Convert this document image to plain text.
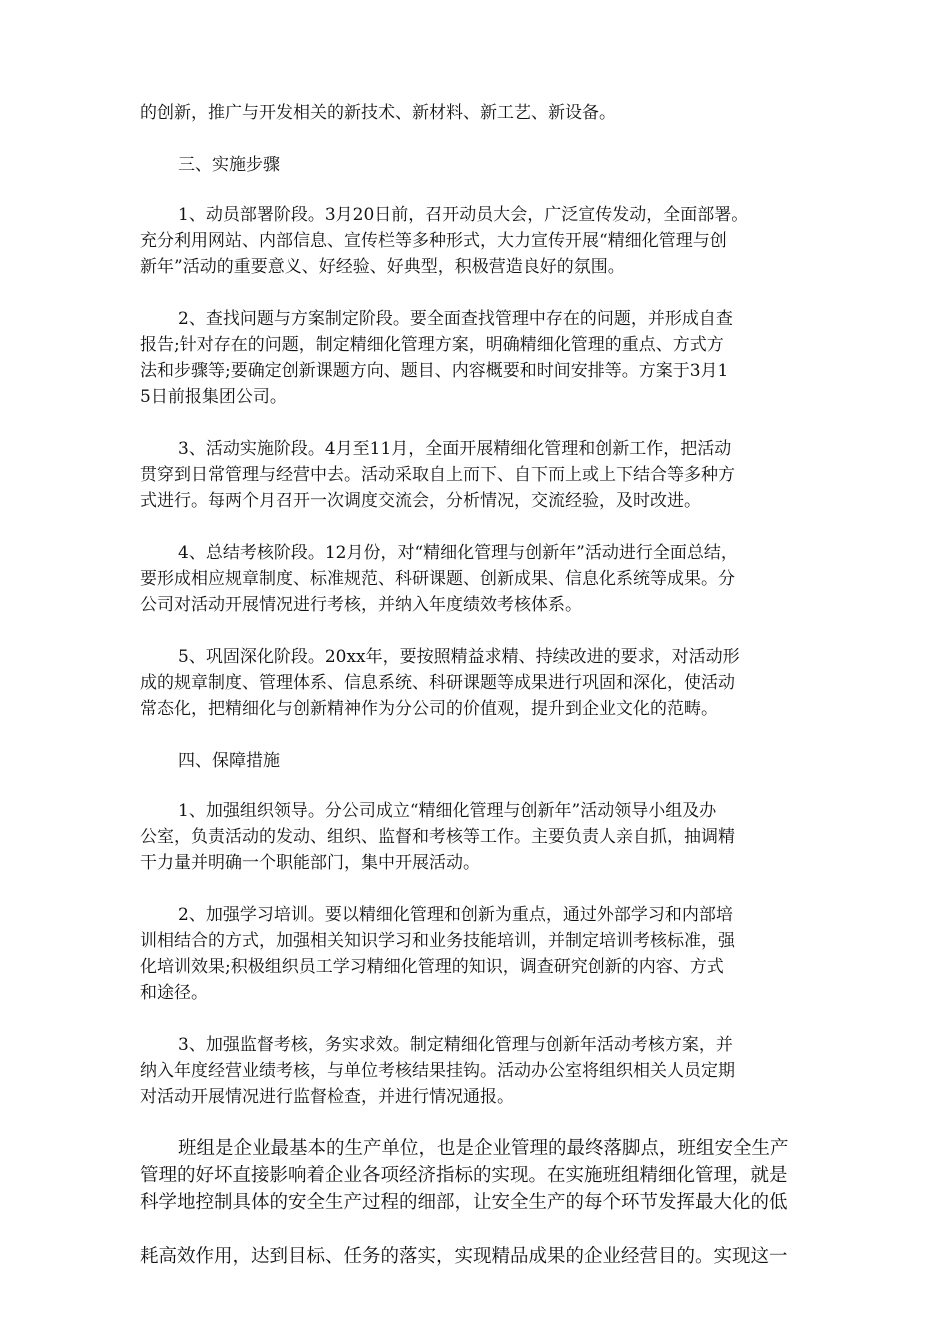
的创新，推广与开发相关的新技术、新材料、新工艺、新设备。
三、实施步骤
1、动员部署阶段。3月20日前，召开动员大会，广泛宣传发动，全面部署。
充分利用网站、内部信息、宣传栏等多种形式，大力宣传开展“精细化管理与创
新年”活动的重要意义、好经验、好典型，积极营造良好的氛围。
2、查找问题与方案制定阶段。要全面查找管理中存在的问题，并形成自查
报告;针对存在的问题，制定精细化管理方案，明确精细化管理的重点、方式方
法和步骤等;要确定创新课题方向、题目、内容概要和时间安排等。方案于3月1
5日前报集团公司。
3、活动实施阶段。4月至11月，全面开展精细化管理和创新工作，把活动
贯穿到日常管理与经营中去。活动采取自上而下、自下而上或上下结合等多种方
式进行。每两个月召开一次调度交流会，分析情况，交流经验，及时改进。
4、总结考核阶段。12月份，对“精细化管理与创新年”活动进行全面总结，
要形成相应规章制度、标准规范、科研课题、创新成果、信息化系统等成果。分
公司对活动开展情况进行考核，并纳入年度绩效考核体系。
5、巩固深化阶段。20xx年，要按照精益求精、持续改进的要求，对活动形
成的规章制度、管理体系、信息系统、科研课题等成果进行巩固和深化，使活动
常态化，把精细化与创新精神作为分公司的价值观，提升到企业文化的范畴。
四、保障措施
1、加强组织领导。分公司成立“精细化管理与创新年”活动领导小组及办
公室，负责活动的发动、组织、监督和考核等工作。主要负责人亲自抓，抽调精
干力量并明确一个职能部门，集中开展活动。
2、加强学习培训。要以精细化管理和创新为重点，通过外部学习和内部培
训相结合的方式，加强相关知识学习和业务技能培训，并制定培训考核标准，强
化培训效果;积极组织员工学习精细化管理的知识，调查研究创新的内容、方式
和途径。
3、加强监督考核，务实求效。制定精细化管理与创新年活动考核方案，并
纳入年度经营业绩考核，与单位考核结果挂钩。活动办公室将组织相关人员定期
对活动开展情况进行监督检查，并进行情况通报。
班组是企业最基本的生产单位，也是企业管理的最终落脚点，班组安全生产
管理的好坏直接影响着企业各项经济指标的实现。在实施班组精细化管理，就是
科学地控制具体的安全生产过程的细部，让安全生产的每个环节发挥最大化的低
耗高效作用，达到目标、任务的落实，实现精品成果的企业经营目的。实现这一
